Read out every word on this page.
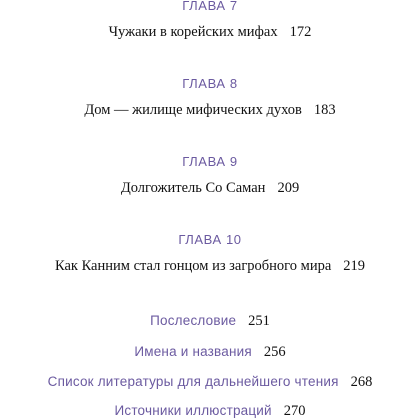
ГЛАВА 7
Чужаки в корейских мифах 172
ГЛАВА 8
Дом — жилище мифических духов 183
ГЛАВА 9
Долгожитель Со Саман 209
ГЛАВА 10
Как Канним стал гонцом из загробного мира 219
Послесловие 251
Имена и названия 256
Список литературы для дальнейшего чтения 268
Источники иллюстраций 270
